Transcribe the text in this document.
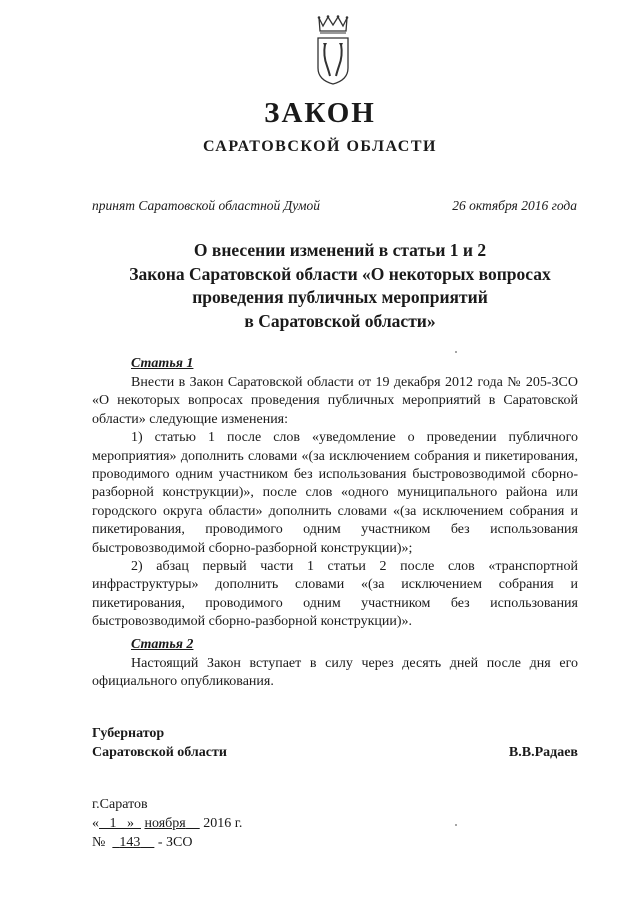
ЗАКОН
САРАТОВСКОЙ ОБЛАСТИ
принят Саратовской областной Думой	26 октября 2016 года
О внесении изменений в статьи 1 и 2
Закона Саратовской области «О некоторых вопросах
проведения публичных мероприятий
в Саратовской области»
Статья 1

Внести в Закон Саратовской области от 19 декабря 2012 года № 205-ЗСО «О некоторых вопросах проведения публичных мероприятий в Саратовской области» следующие изменения:

1) статью 1 после слов «уведомление о проведении публичного мероприятия» дополнить словами «(за исключением собрания и пикетирования, проводимого одним участником без использования быстровозводимой сборно-разборной конструкции)», после слов «одного муниципального района или городского округа области» дополнить словами «(за исключением собрания и пикетирования, проводимого одним участником без использования быстровозводимой сборно-разборной конструкции)»;

2) абзац первый части 1 статьи 2 после слов «транспортной инфраструктуры» дополнить словами «(за исключением собрания и пикетирования, проводимого одним участником без использования быстровозводимой сборно-разборной конструкции)».

Статья 2

Настоящий Закон вступает в силу через десять дней после дня его официального опубликования.

Губернатор
Саратовской области	В.В.Радаев
г.Саратов
« 1 » ноября 2016 г.
№ 143 - ЗСО
